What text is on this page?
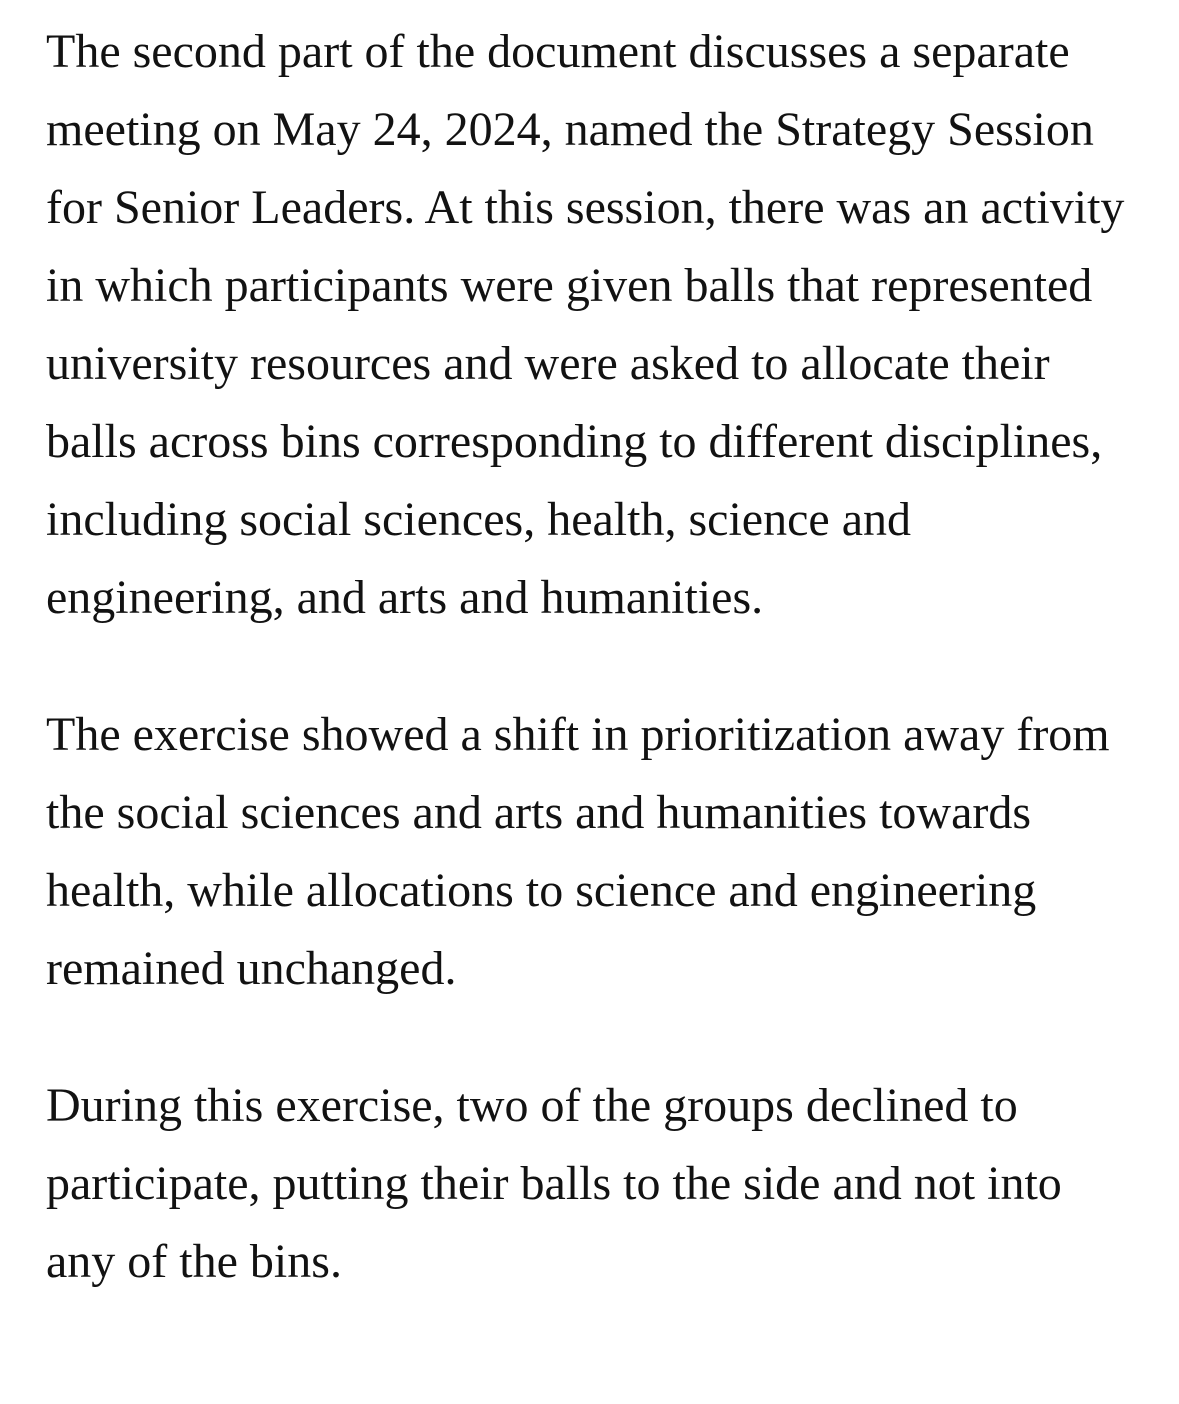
The second part of the document discusses a separate meeting on May 24, 2024, named the Strategy Session for Senior Leaders. At this session, there was an activity in which participants were given balls that represented university resources and were asked to allocate their balls across bins corresponding to different disciplines, including social sciences, health, science and engineering, and arts and humanities.

The exercise showed a shift in prioritization away from the social sciences and arts and humanities towards health, while allocations to science and engineering remained unchanged.

During this exercise, two of the groups declined to participate, putting their balls to the side and not into any of the bins.
